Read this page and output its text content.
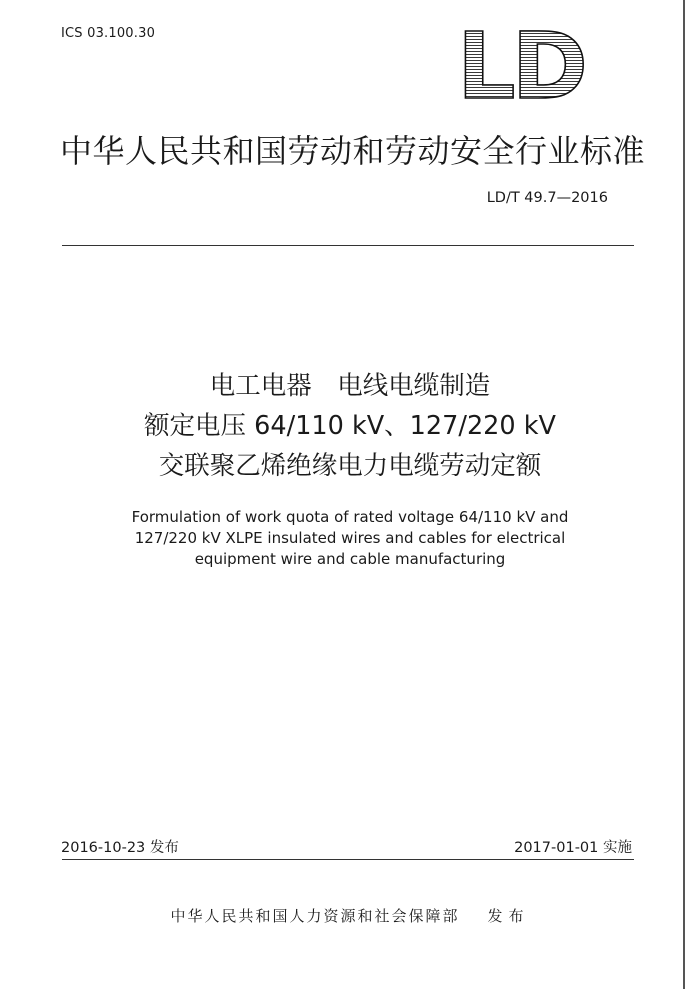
ICS 03.100.30	LD
中华人民共和国劳动和劳动安全行业标准
LD/T 49.7—2016
电工电器　电线电缆制造
额定电压 64/110 kV、127/220 kV
交联聚乙烯绝缘电力电缆劳动定额
Formulation of work quota of rated voltage 64/110 kV and
127/220 kV XLPE insulated wires and cables for electrical
equipment wire and cable manufacturing
2016-10-23 发布	2017-01-01 实施
中华人民共和国人力资源和社会保障部 发布
